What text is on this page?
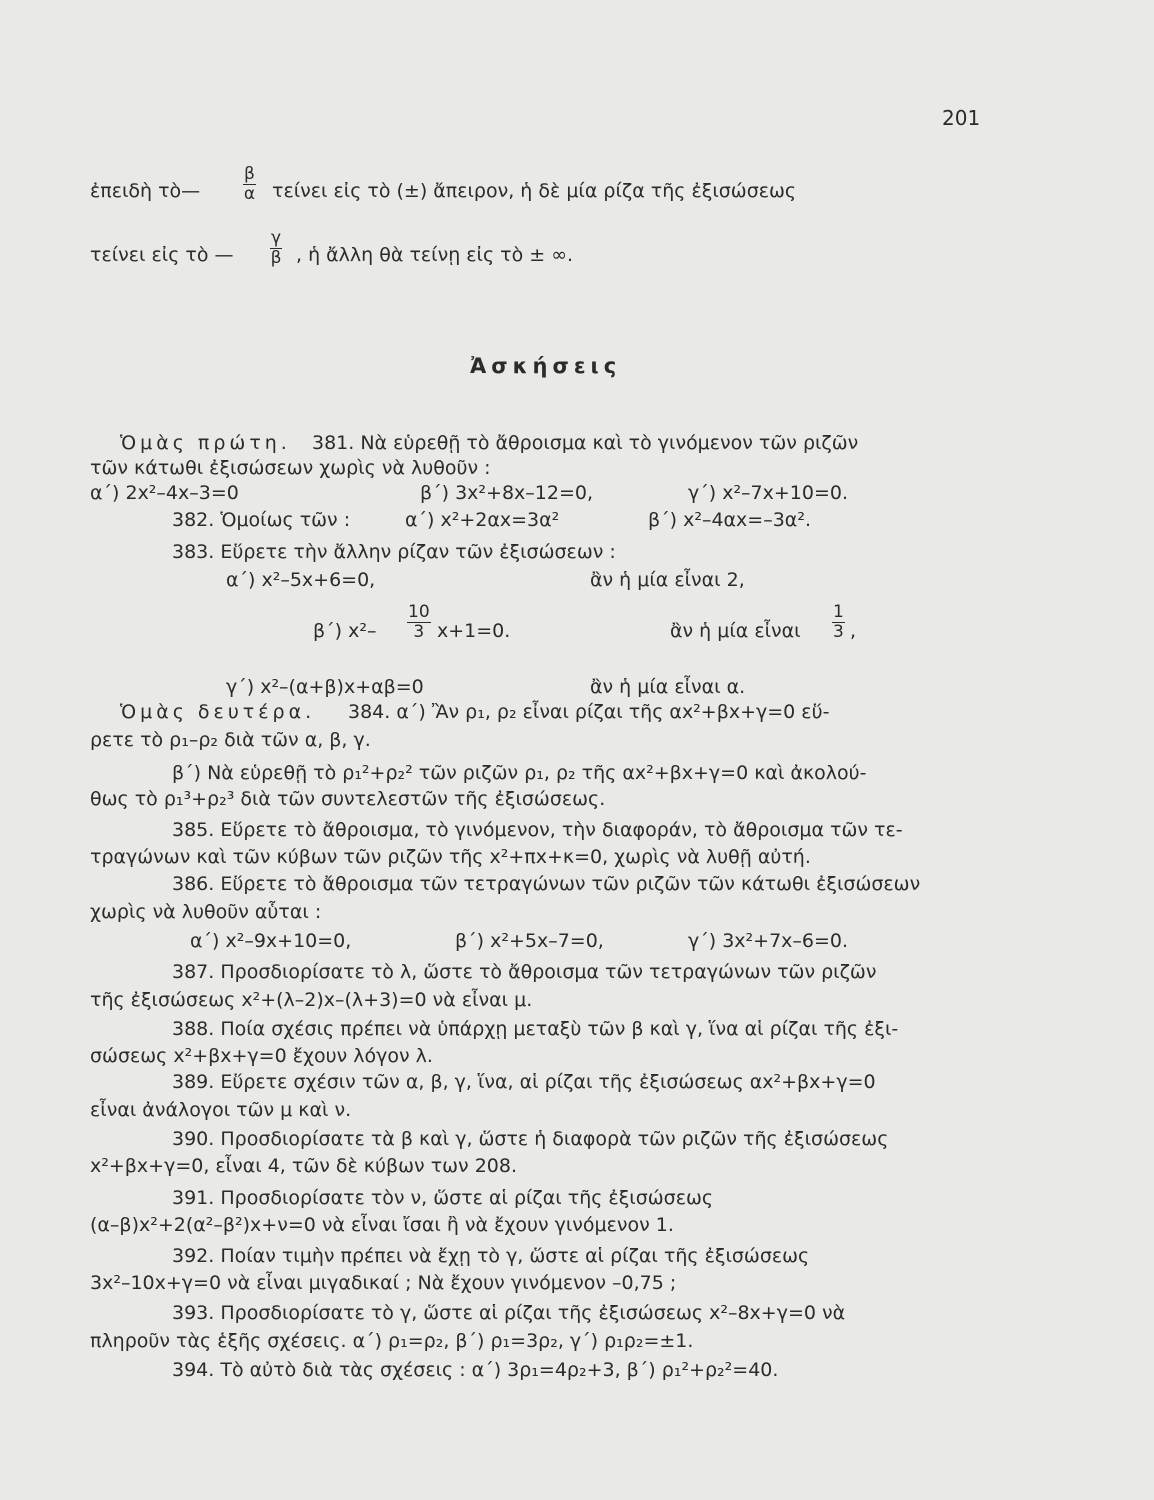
201
ἐπειδὴ τὸ—	$\frac{\beta}{\alpha}$ τείνει εἰς τὸ (±) ἄπειρον, ἡ δὲ μία ρίζα τῆς ἐξισώσεως
τείνει εἰς τὸ — $\frac{\gamma}{\beta}$ , ἡ ἄλλη θὰ τείνῃ εἰς τὸ ± ∞.
Ἀσκήσεις
Ὁμὰς πρώτη. 381. Νὰ εὑρεθῇ τὸ ἄθροισμα καὶ τὸ γινόμενον τῶν ριζῶν
τῶν κάτωθι ἐξισώσεων χωρὶς νὰ λυθοῦν :
α΄) 2x²–4x–3=0	β΄) 3x²+8x–12=0,	γ΄) x²–7x+10=0.
382. Ὁμοίως τῶν :	α΄) x²+2αx=3α²	β΄) x²–4αx=–3α².
383. Εὕρετε τὴν ἄλλην ρίζαν τῶν ἐξισώσεων :
α΄) x²–5x+6=0,	ἂν ἡ μία εἶναι 2,
β΄) $x^2- \frac{10}{3} x+1=0$.	ἂν ἡ μία εἶναι $\frac{1}{3}$ ,
γ΄) x²–(α+β)x+αβ=0	ἂν ἡ μία εἶναι α.
Ὁμὰς δευτέρα. 384. α΄) Ἂν ρ₁, ρ₂ εἶναι ρίζαι τῆς αx²+βx+γ=0 εὕ-
ρετε τὸ ρ₁–ρ₂ διὰ τῶν α, β, γ.
β΄) Νὰ εὑρεθῇ τὸ ρ₁²+ρ₂² τῶν ριζῶν ρ₁, ρ₂ τῆς αx²+βx+γ=0 καὶ ἀκολού-
θως τὸ ρ₁³+ρ₂³ διὰ τῶν συντελεστῶν τῆς ἐξισώσεως.
385. Εὕρετε τὸ ἄθροισμα, τὸ γινόμενον, τὴν διαφοράν, τὸ ἄθροισμα τῶν τε-
τραγώνων καὶ τῶν κύβων τῶν ριζῶν τῆς x²+πx+κ=0, χωρὶς νὰ λυθῇ αὐτή.
386. Εὕρετε τὸ ἄθροισμα τῶν τετραγώνων τῶν ριζῶν τῶν κάτωθι ἐξισώσεων
χωρὶς νὰ λυθοῦν αὗται :
α΄) x²–9x+10=0,	β΄) x²+5x–7=0,	γ΄) 3x²+7x–6=0.
387. Προσδιορίσατε τὸ λ, ὥστε τὸ ἄθροισμα τῶν τετραγώνων τῶν ριζῶν
τῆς ἐξισώσεως x²+(λ–2)x–(λ+3)=0 νὰ εἶναι μ.
388. Ποία σχέσις πρέπει νὰ ὑπάρχῃ μεταξὺ τῶν β καὶ γ, ἵνα αἱ ρίζαι τῆς ἐξι-
σώσεως x²+βx+γ=0 ἔχουν λόγον λ.
389. Εὕρετε σχέσιν τῶν α, β, γ, ἵνα, αἱ ρίζαι τῆς ἐξισώσεως αx²+βx+γ=0
εἶναι ἀνάλογοι τῶν μ καὶ ν.
390. Προσδιορίσατε τὰ β καὶ γ, ὥστε ἡ διαφορὰ τῶν ριζῶν τῆς ἐξισώσεως
x²+βx+γ=0, εἶναι 4, τῶν δὲ κύβων των 208.
391. Προσδιορίσατε τὸν ν, ὥστε αἱ ρίζαι τῆς ἐξισώσεως
(α–β)x²+2(α²–β²)x+ν=0 νὰ εἶναι ἴσαι ἢ νὰ ἔχουν γινόμενον 1.
392. Ποίαν τιμὴν πρέπει νὰ ἔχῃ τὸ γ, ὥστε αἱ ρίζαι τῆς ἐξισώσεως
3x²–10x+γ=0 νὰ εἶναι μιγαδικαί ; Νὰ ἔχουν γινόμενον –0,75 ;
393. Προσδιορίσατε τὸ γ, ὥστε αἱ ρίζαι τῆς ἐξισώσεως x²–8x+γ=0 νὰ
πληροῦν τὰς ἑξῆς σχέσεις. α΄) ρ₁=ρ₂, β΄) ρ₁=3ρ₂, γ΄) ρ₁ρ₂=±1.
394. Τὸ αὐτὸ διὰ τὰς σχέσεις : α΄) 3ρ₁=4ρ₂+3, β΄) ρ₁²+ρ₂²=40.
